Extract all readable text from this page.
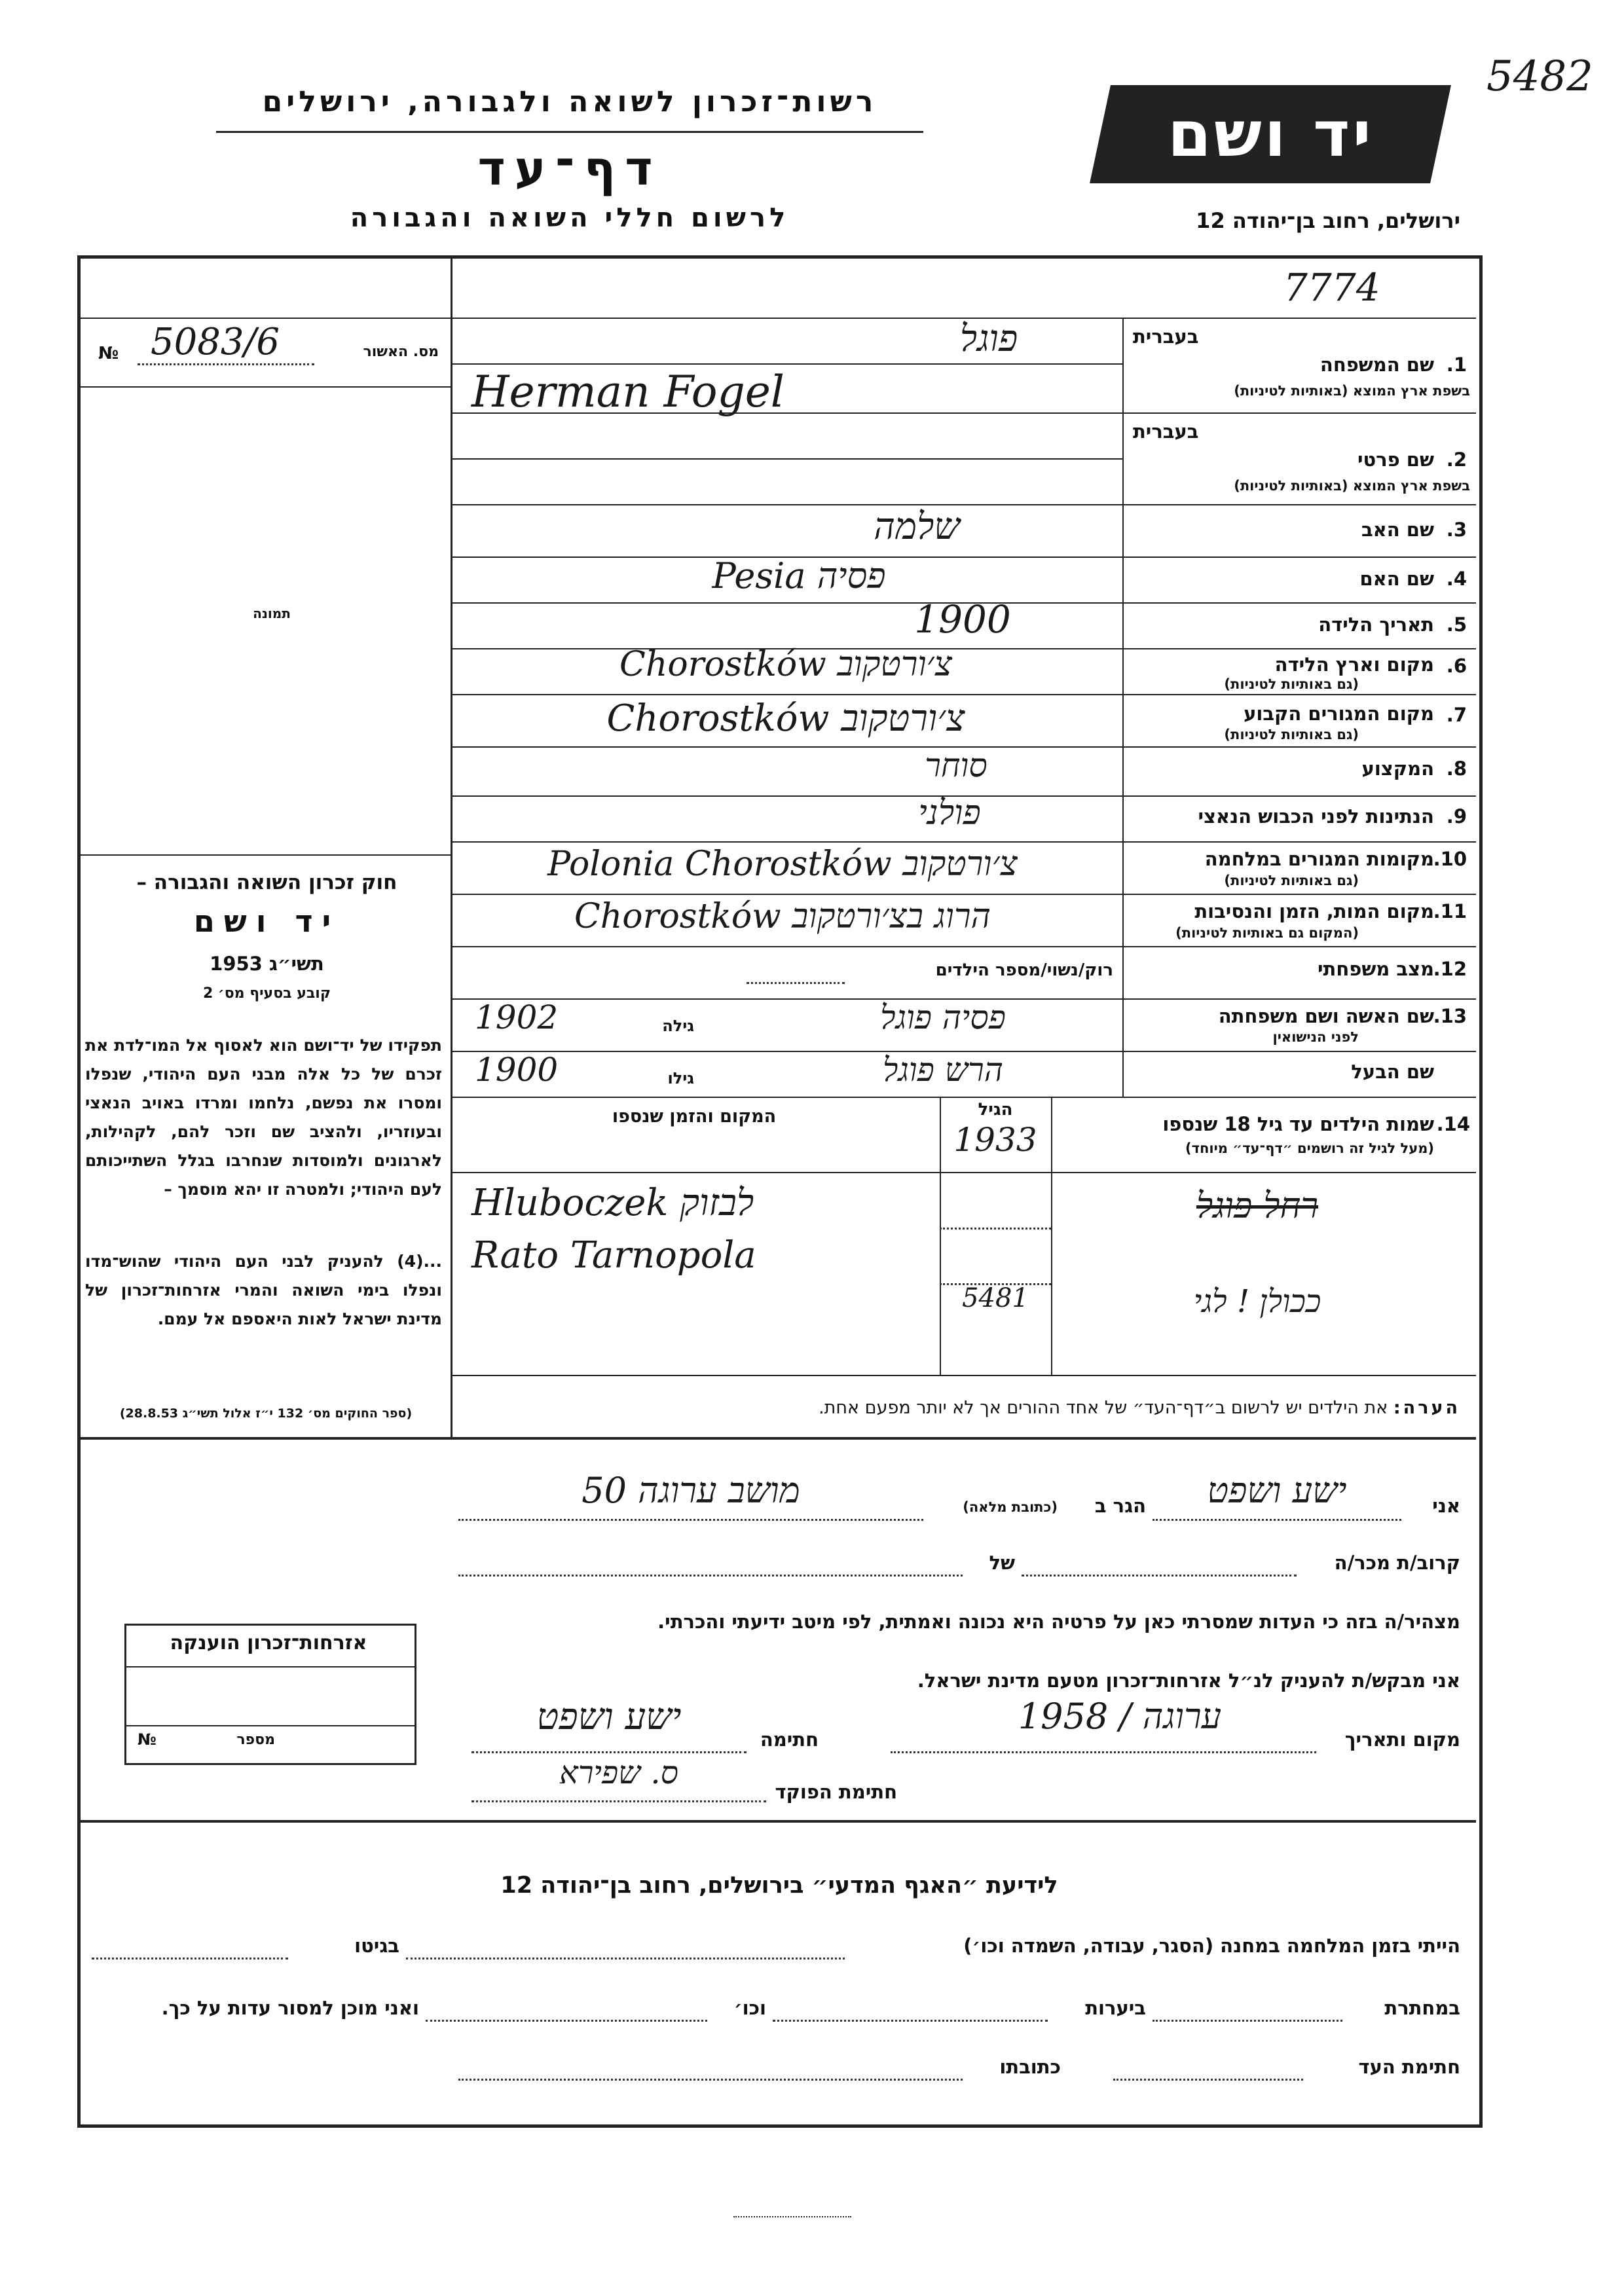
5482
רשות־זכרון לשואה ולגבורה, ירושלים
דף־עד
לרשום חללי השואה והגבורה
יד ושם
ירושלים, רחוב בן־יהודה 12
7774
№ 5083/6	מס. האשור
תמונה
חוק זכרון השואה והגבורה –
יד ושם
תשי״ג 1953
קובע בסעיף מס׳ 2
תפקידו של יד־ושם הוא לאסוף אל המו־לדת את זכרם של כל אלה מבני העם היהודי, שנפלו ומסרו את נפשם, נלחמו ומרדו באויב הנאצי ובעוזריו, ולהציב שם וזכר להם, לקהילות, לארגונים ולמוסדות שנחרבו בגלל השתייכותם לעם היהודי; ולמטרה זו יהא מוסמך –
...(4) להעניק לבני העם היהודי שהוש־מדו ונפלו בימי השואה והמרי אזרחות־זכרון של מדינת ישראל לאות היאספם אל עמם.
(ספר החוקים מס׳ 132 י״ז אלול תשי״ג 28.8.53)
בעברית
שם המשפחה 1.
בשפת ארץ המוצא (באותיות לטיניות)
פוגל
Herman Fogel
בעברית
שם פרטי 2.
בשפת ארץ המוצא (באותיות לטיניות)
שם האב 3.
שלמה
שם האם 4.
פסיה Pesia
תאריך הלידה 5.
1900
מקום וארץ הלידה 6.
(גם באותיות לטיניות)
צ׳ורטקוב Chorostków
מקום המגורים הקבוע 7.
(גם באותיות לטיניות)
צ׳ורטקוב Chorostków
המקצוע 8.
סוחר
הנתינות לפני הכבוש הנאצי 9.
פולני
מקומות המגורים במלחמה
10.
(גם באותיות לטיניות)
צ׳ורטקוב Polonia Chorostków
מקום המות, הזמן והנסיבות
11.
(המקום גם באותיות לטיניות)
הרוג בצ׳ורטקוב Chorostków
מצב משפחתי
12.
רוק/נשוי/מספר הילדים
שם האשה ושם משפחתה
13.
לפני הנישואין
פסיה פוגל
גילה
1902
שם הבעל
הרש פוגל
גילו
1900
שמות הילדים עד גיל 18 שנספו 14.
(מעל לגיל זה רושמים ״דף־עד״ מיוחד)
הגיל
המקום והזמן שנספו
1933
רחל פוגל
Hluboczek לבזוק
Rato Tarnopola
5481	ככולן ! לגי
הערה: את הילדים יש לרשום ב״דף־העד״ של אחד ההורים אך לא יותר מפעם אחת.
אני
ישע ושפט
הגר ב
(כתובת מלאה)
מושב ערוגה 50
קרוב/ת מכר/ה
של
מצהיר/ה בזה כי העדות שמסרתי כאן על פרטיה היא נכונה ואמתית, לפי מיטב ידיעתי והכרתי.
אני מבקש/ת להעניק לנ״ל אזרחות־זכרון מטעם מדינת ישראל.
מקום ותאריך
ערוגה / 1958
חתימה
ישע ושפט
חתימת הפוקד
ס. שפירא
אזרחות־זכרון הוענקה
מספר
№
לידיעת ״האגף המדעי״ בירושלים, רחוב בן־יהודה 12
הייתי בזמן המלחמה במחנה (הסגר, עבודה, השמדה וכו׳)
בגיטו
במחתרת
ביערות
וכו׳
ואני מוכן למסור עדות על כך.
חתימת העד
כתובתו
